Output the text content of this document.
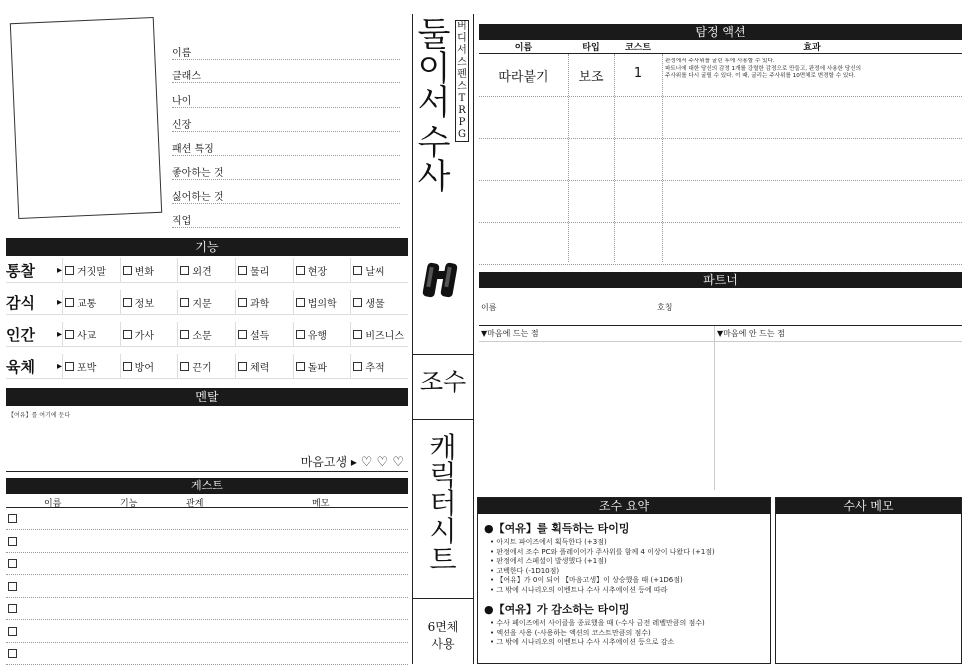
이름
클래스
나이
신장
패션 특징
좋아하는 것
싫어하는 것
직업
기능
통찰	▸ 거짓말	변화	외견	물리	현장	날씨
감식	▸ 교통	정보	지문	과학	법의학	생물
인간	▸ 사교	가사	소문	설득	유행	비즈니스
육체	▸ 포박	방어	끈기	체력	돌파	추적
멘탈
【여유】를 여기에 둔다
마음고생 ▸ ♡ ♡ ♡
게스트
이름	기능	관계	메모
둘
이
서
수
사
버
디
서
스
펜
스
T
R
P
G
조수
캐
릭
터
시
트
6면체
사용
탐정 액션
이름	타입	코스트	효과
따라붙기	보조	1
판정에서 주사위를 굴린 후에 사용할 수 있다.
파트너에 대한 당신의 감정 1개를 강렬한 감정으로 만들고, 판정에 사용한 당신의
주사위를 다시 굴릴 수 있다. 이 때, 굴리는 주사위를 10면체로 변경할 수 있다.
파트너
이름	호칭
▼마음에 드는 점	▼마음에 안 드는 점
조수 요약
●【여유】를 획득하는 타이밍
• 아지트 파이즈에서 획득한다 (+3점)
• 판정에서 조수 PC와 플레이어가 주사위를 함께 4 이상이 나왔다 (+1점)
• 판정에서 스페셜이 발생했다 (+1점)
• 고백한다 (-1D10점)
• 【여유】가 0이 되어 【마음고생】이 상승했을 때 (+1D6점)
• 그 밖에 시나리오의 이벤트나 수사 시추에이션 등에 따라
●【여유】가 감소하는 타이밍
• 수사 페이즈에서 사이클을 종료했을 때 (-수사 금전 레벨만큼의 점수)
• 액션을 사용 (-사용하는 액션의 코스트만큼의 점수)
• 그 밖에 시나리오의 이벤트나 수사 시추에이션 등으로 감소
수사 메모
